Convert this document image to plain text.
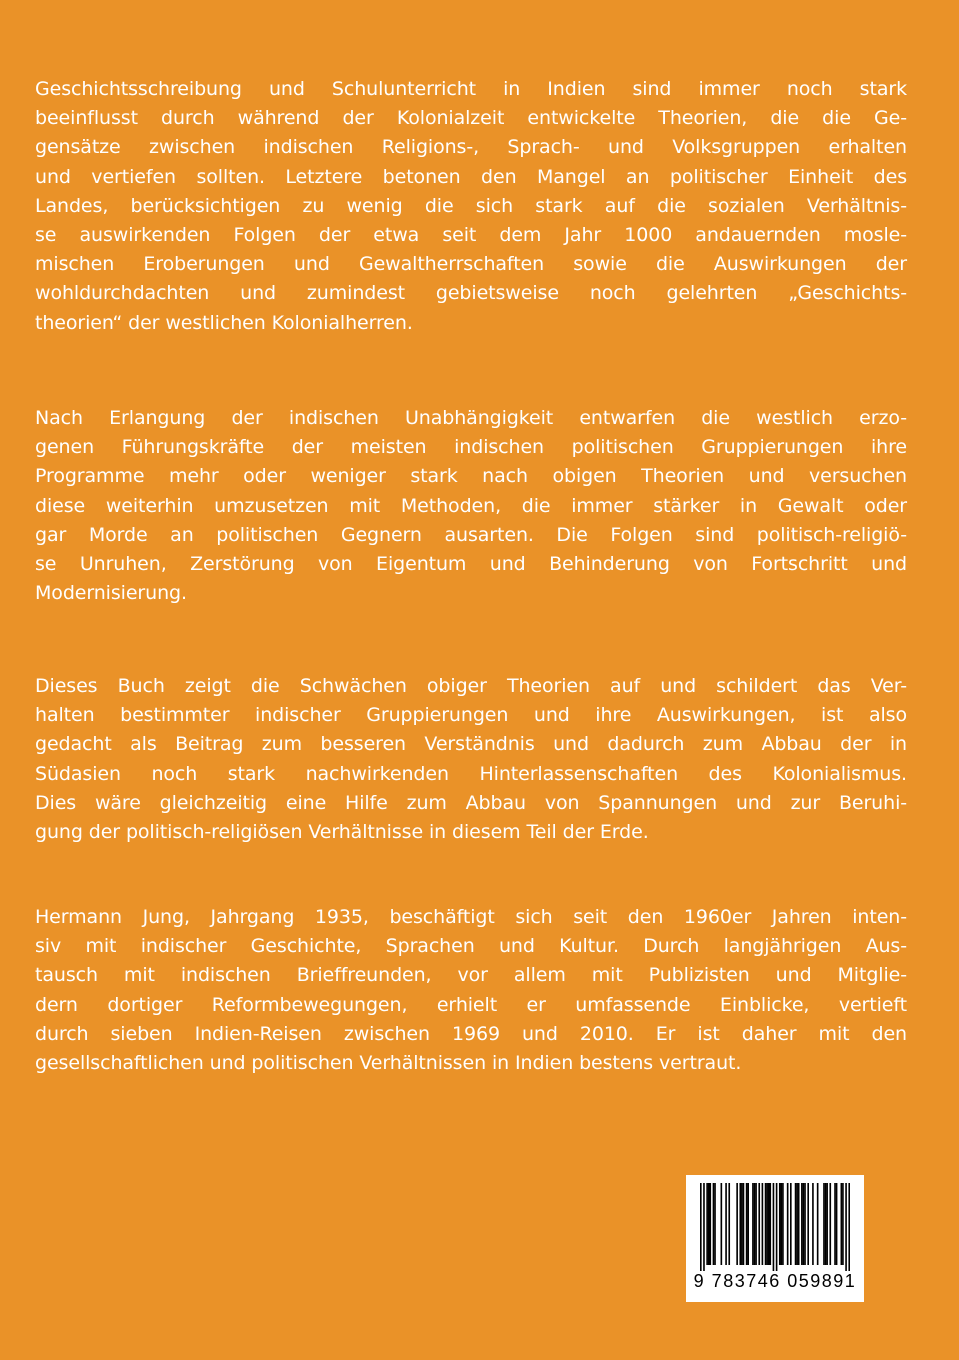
Geschichtsschreibung und Schulunterricht in Indien sind immer noch stark
beeinflusst durch während der Kolonialzeit entwickelte Theorien, die die Ge-
gensätze zwischen indischen Religions-, Sprach- und Volksgruppen erhalten
und vertiefen sollten. Letztere betonen den Mangel an politischer Einheit des
Landes, berücksichtigen zu wenig die sich stark auf die sozialen Verhältnis-
se auswirkenden Folgen der etwa seit dem Jahr 1000 andauernden mosle-
mischen Eroberungen und Gewaltherrschaften sowie die Auswirkungen der
wohldurchdachten und zumindest gebietsweise noch gelehrten „Geschichts-
theorien“ der westlichen Kolonialherren.

Nach Erlangung der indischen Unabhängigkeit entwarfen die westlich erzo-
genen Führungskräfte der meisten indischen politischen Gruppierungen ihre
Programme mehr oder weniger stark nach obigen Theorien und versuchen
diese weiterhin umzusetzen mit Methoden, die immer stärker in Gewalt oder
gar Morde an politischen Gegnern ausarten. Die Folgen sind politisch-religiö-
se Unruhen, Zerstörung von Eigentum und Behinderung von Fortschritt und
Modernisierung.

Dieses Buch zeigt die Schwächen obiger Theorien auf und schildert das Ver-
halten bestimmter indischer Gruppierungen und ihre Auswirkungen, ist also
gedacht als Beitrag zum besseren Verständnis und dadurch zum Abbau der in
Südasien noch stark nachwirkenden Hinterlassenschaften des Kolonialismus.
Dies wäre gleichzeitig eine Hilfe zum Abbau von Spannungen und zur Beruhi-
gung der politisch-religiösen Verhältnisse in diesem Teil der Erde.

Hermann Jung, Jahrgang 1935, beschäftigt sich seit den 1960er Jahren inten-
siv mit indischer Geschichte, Sprachen und Kultur. Durch langjährigen Aus-
tausch mit indischen Brieffreunden, vor allem mit Publizisten und Mitglie-
dern dortiger Reformbewegungen, erhielt er umfassende Einblicke, vertieft
durch sieben Indien-Reisen zwischen 1969 und 2010. Er ist daher mit den
gesellschaftlichen und politischen Verhältnissen in Indien bestens vertraut.

9 783746 059891
